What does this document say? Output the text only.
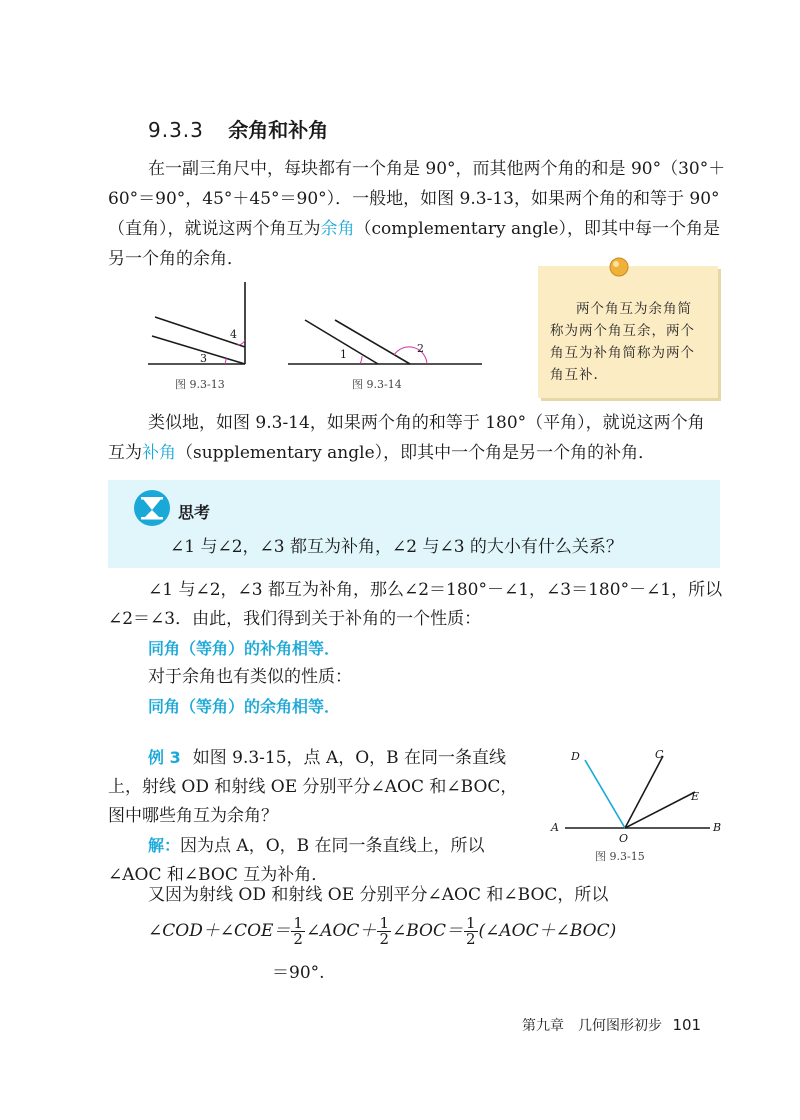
9.3.3 余角和补角
在一副三角尺中，每块都有一个角是 90°，而其他两个角的和是 90°（30°＋
60°＝90°，45°＋45°＝90°）．一般地，如图 9.3-13，如果两个角的和等于 90°
（直角），就说这两个角互为余角（complementary angle），即其中每一个角是
另一个角的余角．
3
4
图 9.3-13
1	2
图 9.3-14
两个角互为余角简
称为两个角互余，两个
角互为补角简称为两个
角互补.
类似地，如图 9.3-14，如果两个角的和等于 180°（平角），就说这两个角
互为补角（supplementary angle），即其中一个角是另一个角的补角．
思考
∠1 与∠2，∠3 都互为补角，∠2 与∠3 的大小有什么关系？
∠1 与∠2，∠3 都互为补角，那么∠2＝180°－∠1，∠3＝180°－∠1，所以
∠2＝∠3．由此，我们得到关于补角的一个性质：
同角（等角）的补角相等．
对于余角也有类似的性质：
同角（等角）的余角相等．
例 3 如图 9.3-15，点 A，O，B 在同一条直线
上，射线 OD 和射线 OE 分别平分∠AOC 和∠BOC，
图中哪些角互为余角？
解：因为点 A，O，B 在同一条直线上，所以
∠AOC 和∠BOC 互为补角．
A
O
B
C
D
E
图 9.3-15
又因为射线 OD 和射线 OE 分别平分∠AOC 和∠BOC，所以
∠COD＋∠COE＝ $\frac{1}{2}$ ∠AOC＋ $\frac{1}{2}$ ∠BOC＝ $\frac{1}{2}$ (∠AOC＋∠BOC)
＝90°.
第九章　几何图形初步 101
